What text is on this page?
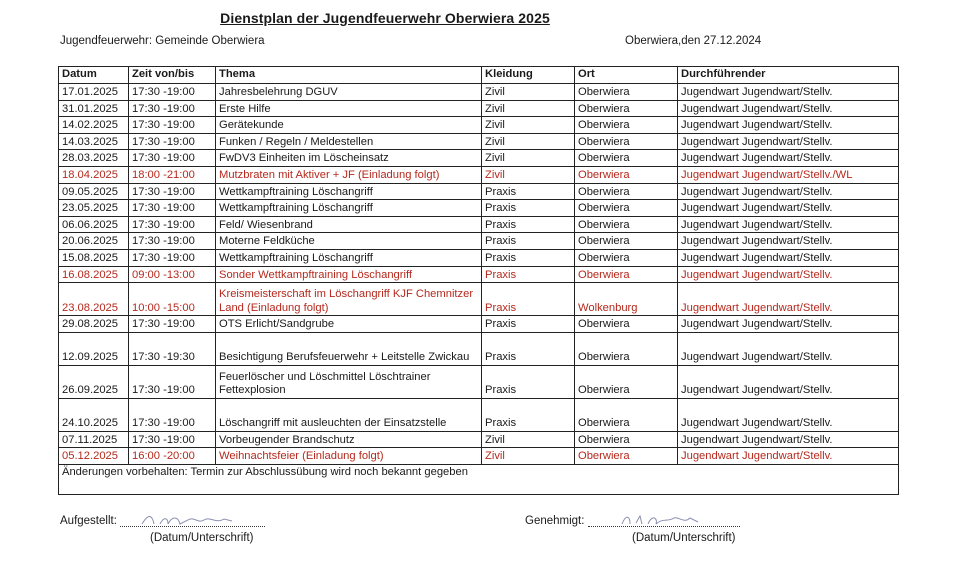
Dienstplan der Jugendfeuerwehr Oberwiera 2025
Jugendfeuerwehr: Gemeinde Oberwiera	Oberwiera,den 27.12.2024
Datum	Zeit von/bis	Thema	Kleidung	Ort	Durchführender
17.01.2025	17:30 -19:00	Jahresbelehrung DGUV	Zivil	Oberwiera	Jugendwart Jugendwart/Stellv.
31.01.2025	17:30 -19:00	Erste Hilfe	Zivil	Oberwiera	Jugendwart Jugendwart/Stellv.
14.02.2025	17:30 -19:00	Gerätekunde	Zivil	Oberwiera	Jugendwart Jugendwart/Stellv.
14.03.2025	17:30 -19:00	Funken / Regeln / Meldestellen	Zivil	Oberwiera	Jugendwart Jugendwart/Stellv.
28.03.2025	17:30 -19:00	FwDV3 Einheiten im Löscheinsatz	Zivil	Oberwiera	Jugendwart Jugendwart/Stellv.
18.04.2025	18:00 -21:00	Mutzbraten mit Aktiver + JF (Einladung folgt)	Zivil	Oberwiera	Jugendwart Jugendwart/Stellv./WL
09.05.2025	17:30 -19:00	Wettkampftraining Löschangriff	Praxis	Oberwiera	Jugendwart Jugendwart/Stellv.
23.05.2025	17:30 -19:00	Wettkampftraining Löschangriff	Praxis	Oberwiera	Jugendwart Jugendwart/Stellv.
06.06.2025	17:30 -19:00	Feld/ Wiesenbrand	Praxis	Oberwiera	Jugendwart Jugendwart/Stellv.
20.06.2025	17:30 -19:00	Moterne Feldküche	Praxis	Oberwiera	Jugendwart Jugendwart/Stellv.
15.08.2025	17:30 -19:00	Wettkampftraining Löschangriff	Praxis	Oberwiera	Jugendwart Jugendwart/Stellv.
16.08.2025	09:00 -13:00	Sonder Wettkampftraining Löschangriff	Praxis	Oberwiera	Jugendwart Jugendwart/Stellv.
23.08.2025	10:00 -15:00	Kreismeisterschaft im Löschangriff KJF Chemnitzer
Land (Einladung folgt)	Praxis	Wolkenburg	Jugendwart Jugendwart/Stellv.
29.08.2025	17:30 -19:00	OTS Erlicht/Sandgrube	Praxis	Oberwiera	Jugendwart Jugendwart/Stellv.
12.09.2025	17:30 -19:30	Besichtigung Berufsfeuerwehr + Leitstelle Zwickau	Praxis	Oberwiera	Jugendwart Jugendwart/Stellv.
26.09.2025	17:30 -19:00	Feuerlöscher und Löschmittel Löschtrainer
Fettexplosion	Praxis	Oberwiera	Jugendwart Jugendwart/Stellv.
24.10.2025	17:30 -19:00	Löschangriff mit ausleuchten der Einsatzstelle	Praxis	Oberwiera	Jugendwart Jugendwart/Stellv.
07.11.2025	17:30 -19:00	Vorbeugender Brandschutz	Zivil	Oberwiera	Jugendwart Jugendwart/Stellv.
05.12.2025	16:00 -20:00	Weihnachtsfeier (Einladung folgt)	Zivil	Oberwiera	Jugendwart Jugendwart/Stellv.
Änderungen vorbehalten: Termin zur Abschlussübung wird noch bekannt gegeben					
Aufgestellt:
(Datum/Unterschrift)
Genehmigt:
(Datum/Unterschrift)
